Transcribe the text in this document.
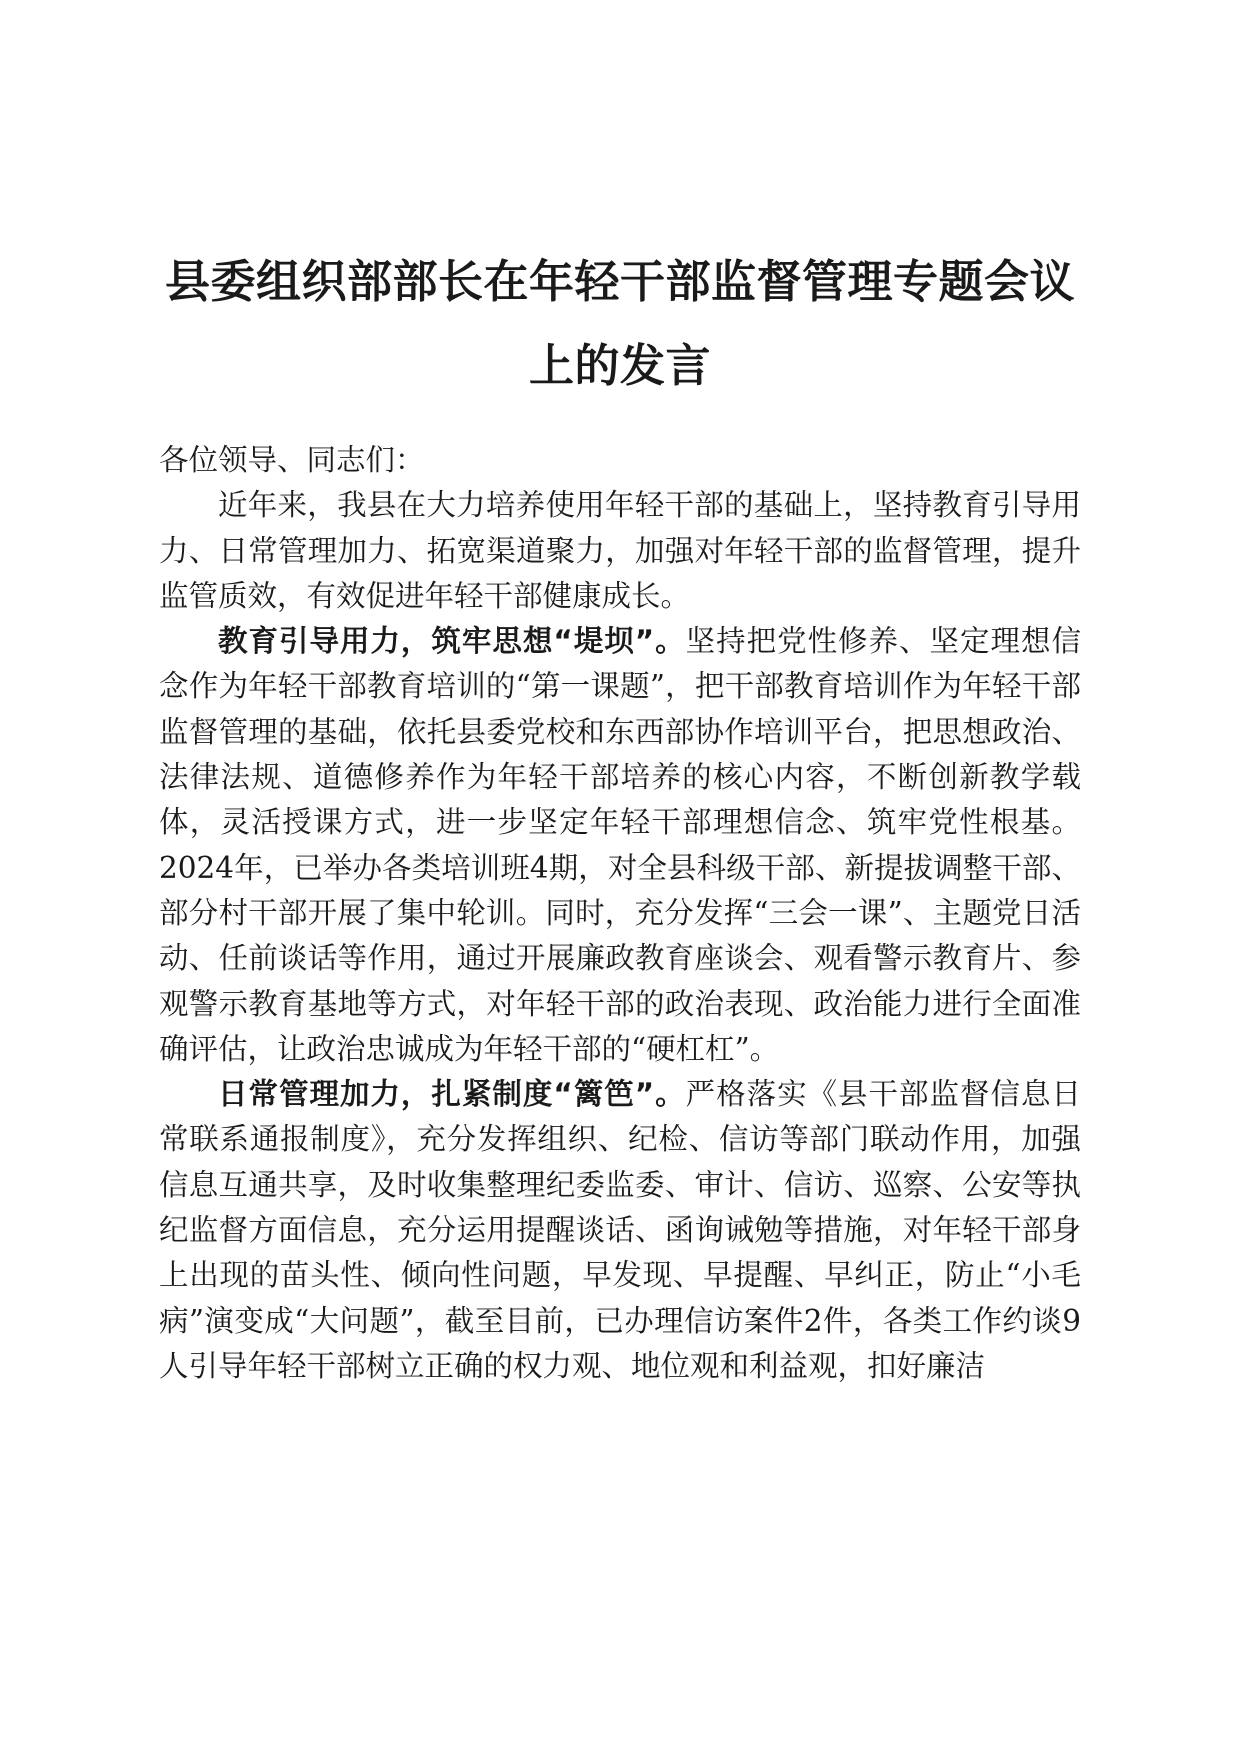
县委组织部部长在年轻干部监督管理专题会议
上的发言

各位领导、同志们：

近年来，我县在大力培养使用年轻干部的基础上，坚持教育引导用力、日常管理加力、拓宽渠道聚力，加强对年轻干部的监督管理，提升监管质效，有效促进年轻干部健康成长。

教育引导用力，筑牢思想“堤坝”。坚持把党性修养、坚定理想信念作为年轻干部教育培训的“第一课题”，把干部教育培训作为年轻干部监督管理的基础，依托县委党校和东西部协作培训平台，把思想政治、法律法规、道德修养作为年轻干部培养的核心内容，不断创新教学载体，灵活授课方式，进一步坚定年轻干部理想信念、筑牢党性根基。2024年，已举办各类培训班4期，对全县科级干部、新提拔调整干部、部分村干部开展了集中轮训。同时，充分发挥“三会一课”、主题党日活动、任前谈话等作用，通过开展廉政教育座谈会、观看警示教育片、参观警示教育基地等方式，对年轻干部的政治表现、政治能力进行全面准确评估，让政治忠诚成为年轻干部的“硬杠杠”。

日常管理加力，扎紧制度“篱笆”。严格落实《县干部监督信息日常联系通报制度》，充分发挥组织、纪检、信访等部门联动作用，加强信息互通共享，及时收集整理纪委监委、审计、信访、巡察、公安等执纪监督方面信息，充分运用提醒谈话、函询诫勉等措施，对年轻干部身上出现的苗头性、倾向性问题，早发现、早提醒、早纠正，防止“小毛病”演变成“大问题”，截至目前，已办理信访案件2件，各类工作约谈9人引导年轻干部树立正确的权力观、地位观和利益观，扣好廉洁
